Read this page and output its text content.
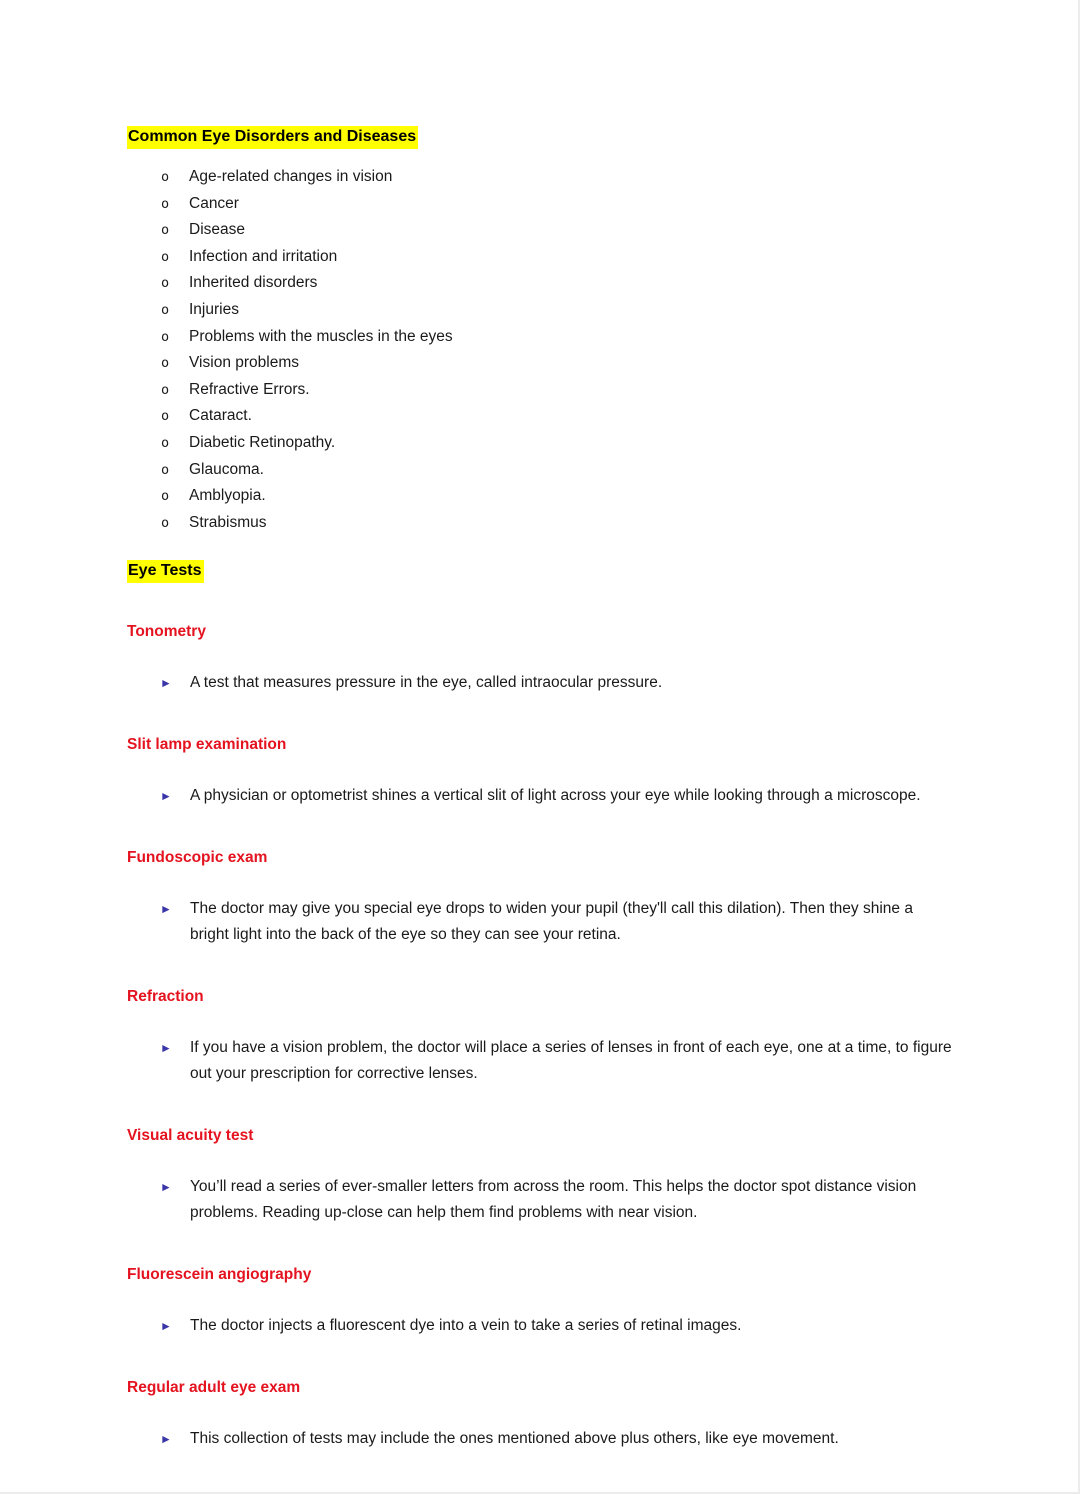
Common Eye Disorders and Diseases
o	Age-related changes in vision
o	Cancer
o	Disease
o	Infection and irritation
o	Inherited disorders
o	Injuries
o	Problems with the muscles in the eyes
o	Vision problems
o	Refractive Errors.
o	Cataract.
o	Diabetic Retinopathy.
o	Glaucoma.
o	Amblyopia.
o	Strabismus
Eye Tests
Tonometry
►	A test that measures pressure in the eye, called intraocular pressure.
Slit lamp examination
►	A physician or optometrist shines a vertical slit of light across your eye while looking through a microscope.
Fundoscopic exam
►	The doctor may give you special eye drops to widen your pupil (they'll call this dilation). Then they shine a bright light into the back of the eye so they can see your retina.
Refraction
►	If you have a vision problem, the doctor will place a series of lenses in front of each eye, one at a time, to figure out your prescription for corrective lenses.
Visual acuity test
►	You’ll read a series of ever-smaller letters from across the room. This helps the doctor spot distance vision problems. Reading up-close can help them find problems with near vision.
Fluorescein angiography
►	The doctor injects a fluorescent dye into a vein to take a series of retinal images.
Regular adult eye exam
►	This collection of tests may include the ones mentioned above plus others, like eye movement.
